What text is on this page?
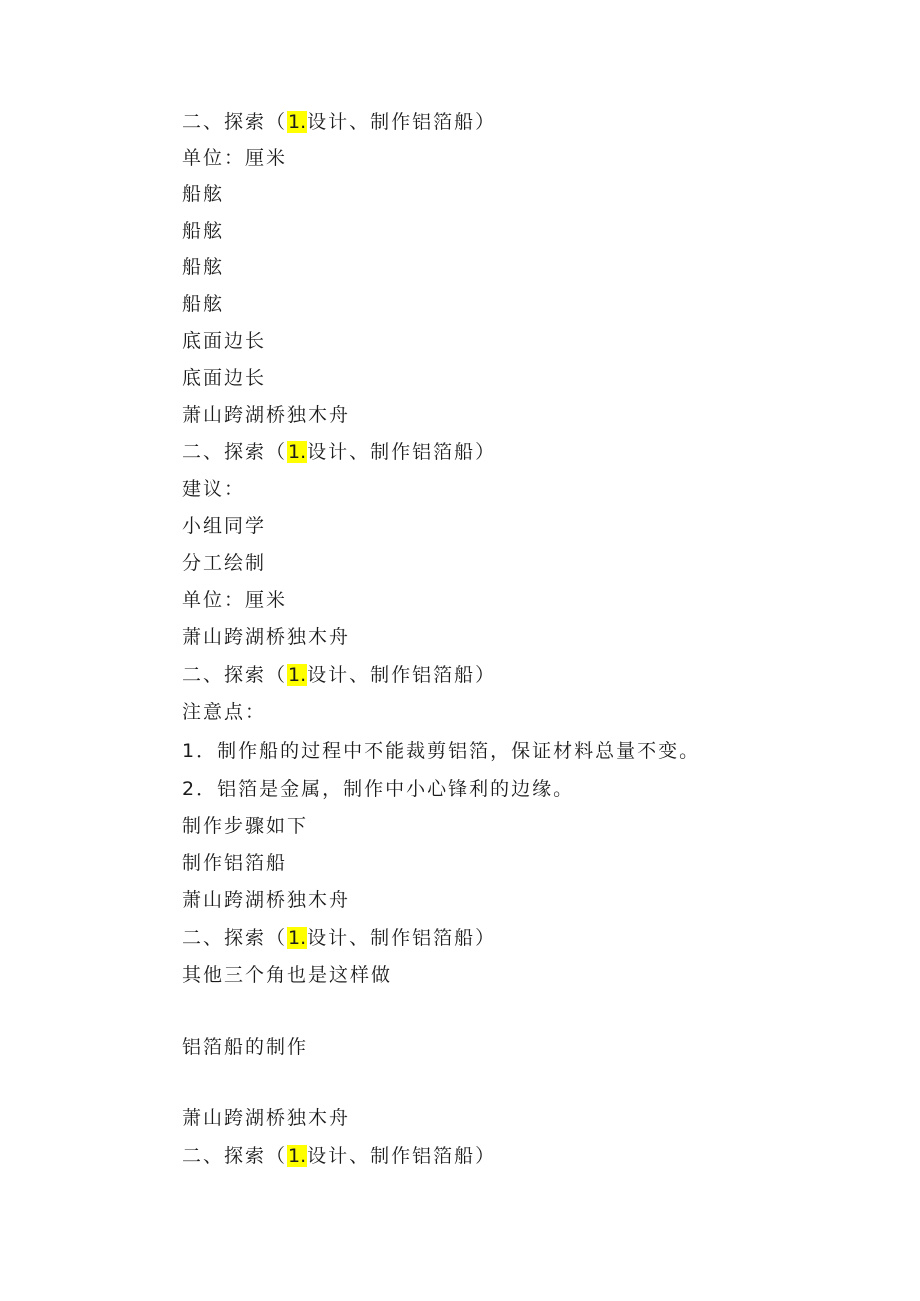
二、探索（1.设计、制作铝箔船）
单位：厘米
船舷
船舷
船舷
船舷
底面边长
底面边长
萧山跨湖桥独木舟
二、探索（1.设计、制作铝箔船）
建议：
小组同学
分工绘制
单位：厘米
萧山跨湖桥独木舟
二、探索（1.设计、制作铝箔船）
注意点：
1．制作船的过程中不能裁剪铝箔，保证材料总量不变。
2．铝箔是金属，制作中小心锋利的边缘。
制作步骤如下
制作铝箔船
萧山跨湖桥独木舟
二、探索（1.设计、制作铝箔船）
其他三个角也是这样做
铝箔船的制作
萧山跨湖桥独木舟
二、探索（1.设计、制作铝箔船）
